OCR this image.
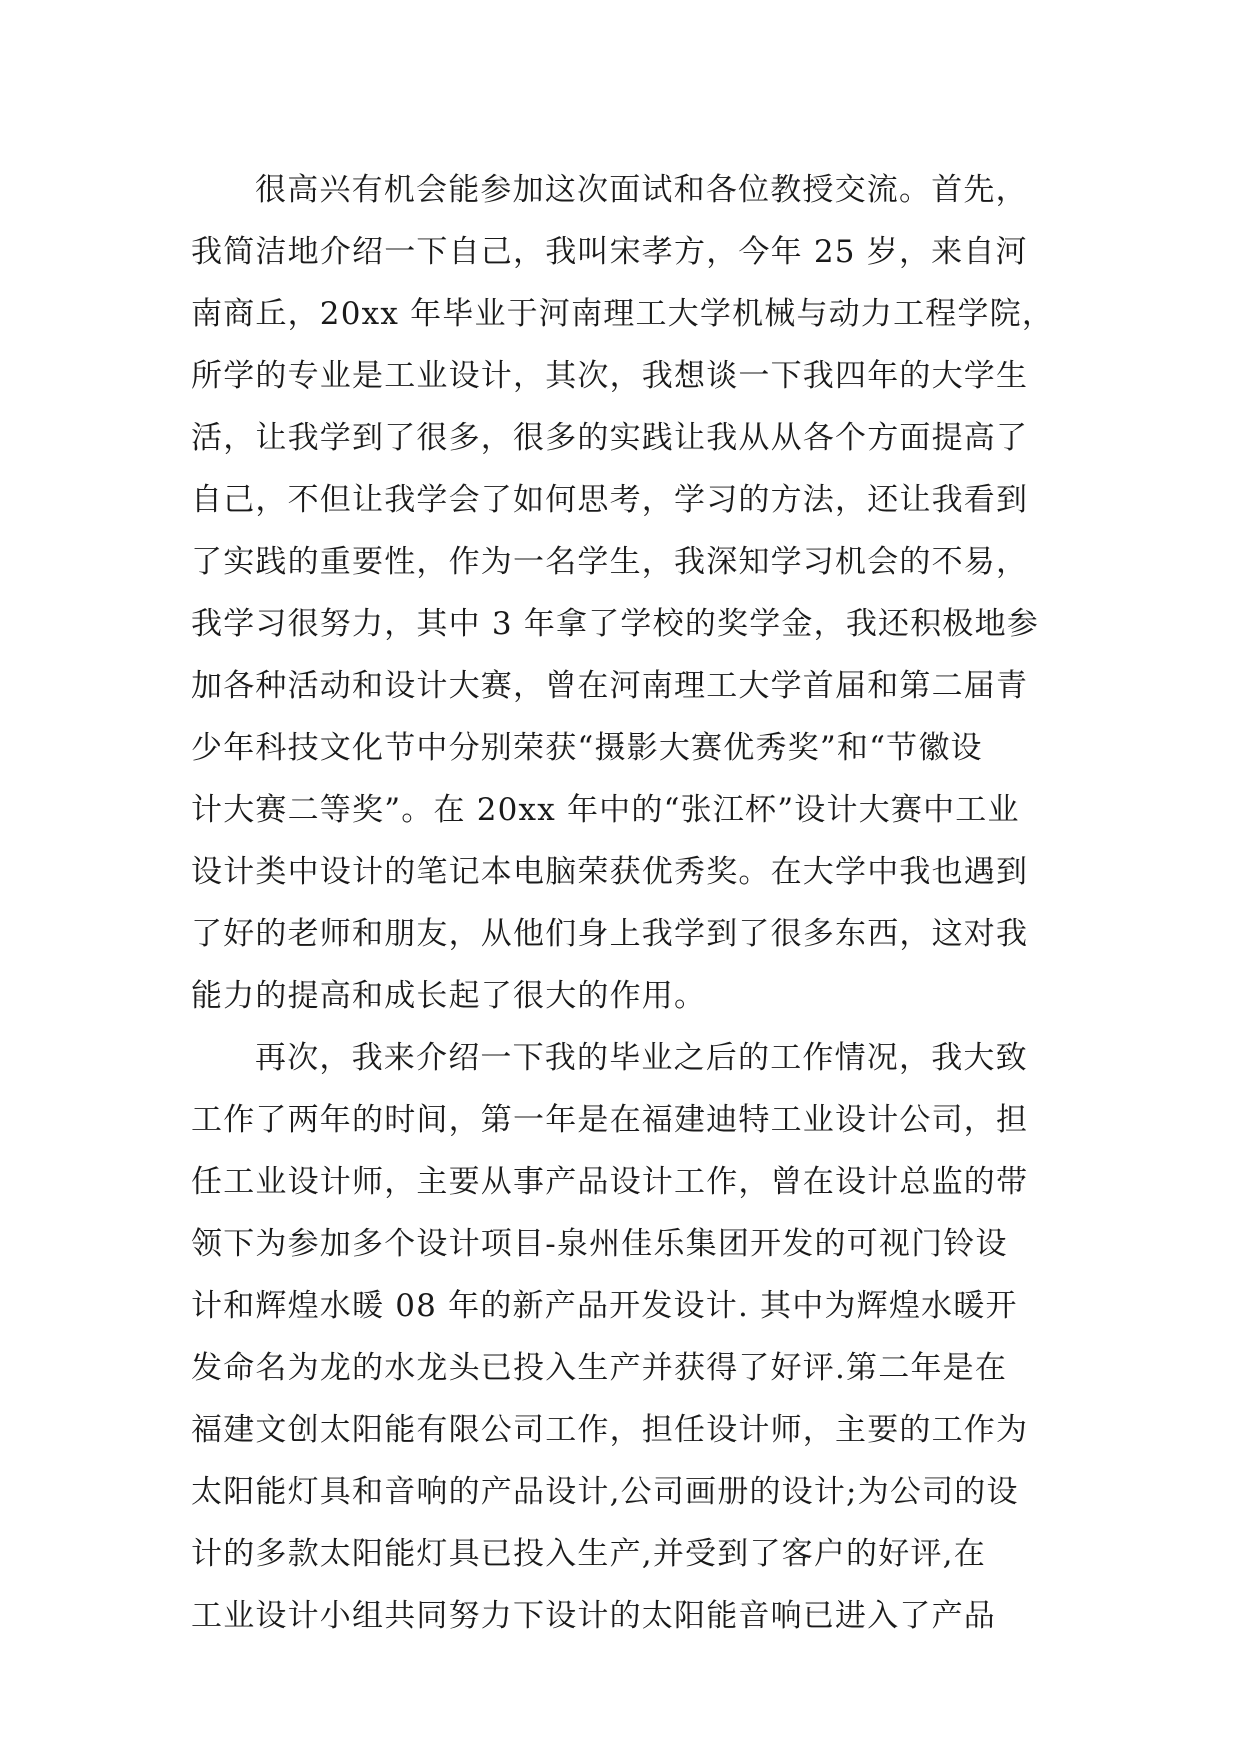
很高兴有机会能参加这次面试和各位教授交流。首先，
我简洁地介绍一下自己，我叫宋孝方，今年 25 岁，来自河
南商丘，20xx 年毕业于河南理工大学机械与动力工程学院，
所学的专业是工业设计，其次，我想谈一下我四年的大学生
活，让我学到了很多，很多的实践让我从从各个方面提高了
自己，不但让我学会了如何思考，学习的方法，还让我看到
了实践的重要性，作为一名学生，我深知学习机会的不易，
我学习很努力，其中 3 年拿了学校的奖学金，我还积极地参
加各种活动和设计大赛，曾在河南理工大学首届和第二届青
少年科技文化节中分别荣获“摄影大赛优秀奖”和“节徽设
计大赛二等奖”。在 20xx 年中的“张江杯”设计大赛中工业
设计类中设计的笔记本电脑荣获优秀奖。在大学中我也遇到
了好的老师和朋友，从他们身上我学到了很多东西，这对我
能力的提高和成长起了很大的作用。
再次，我来介绍一下我的毕业之后的工作情况，我大致
工作了两年的时间，第一年是在福建迪特工业设计公司，担
任工业设计师，主要从事产品设计工作，曾在设计总监的带
领下为参加多个设计项目-泉州佳乐集团开发的可视门铃设
计和辉煌水暖 08 年的新产品开发设计. 其中为辉煌水暖开
发命名为龙的水龙头已投入生产并获得了好评.第二年是在
福建文创太阳能有限公司工作，担任设计师，主要的工作为
太阳能灯具和音响的产品设计,公司画册的设计;为公司的设
计的多款太阳能灯具已投入生产,并受到了客户的好评,在
工业设计小组共同努力下设计的太阳能音响已进入了产品
